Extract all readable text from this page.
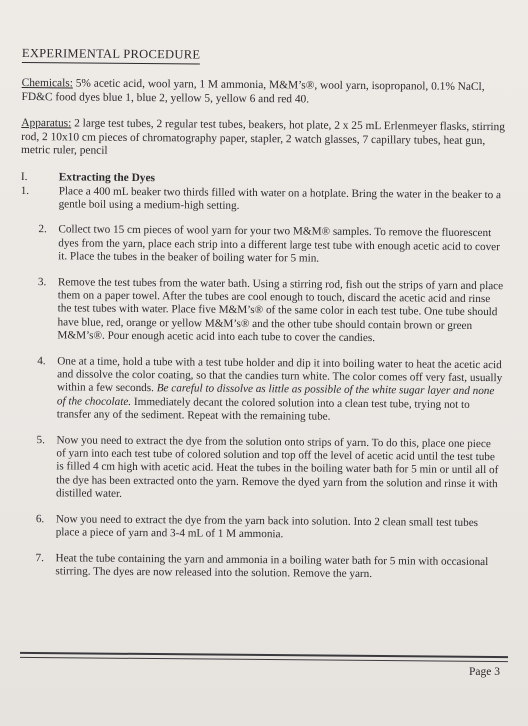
EXPERIMENTAL PROCEDURE

Chemicals: 5% acetic acid, wool yarn, 1 M ammonia, M&M’s®, wool yarn, isopropanol, 0.1% NaCl, FD&C food dyes blue 1, blue 2, yellow 5, yellow 6 and red 40.

Apparatus: 2 large test tubes, 2 regular test tubes, beakers, hot plate, 2 x 25 mL Erlenmeyer flasks, stirring rod, 2 10x10 cm pieces of chromatography paper, stapler, 2 watch glasses, 7 capillary tubes, heat gun, metric ruler, pencil

I.	Extracting the Dyes
1.	Place a 400 mL beaker two thirds filled with water on a hotplate. Bring the water in the beaker to a gentle boil using a medium-high setting.
2.	Collect two 15 cm pieces of wool yarn for your two M&M® samples. To remove the fluorescent dyes from the yarn, place each strip into a different large test tube with enough acetic acid to cover it. Place the tubes in the beaker of boiling water for 5 min.
3.	Remove the test tubes from the water bath. Using a stirring rod, fish out the strips of yarn and place them on a paper towel. After the tubes are cool enough to touch, discard the acetic acid and rinse the test tubes with water. Place five M&M’s® of the same color in each test tube. One tube should have blue, red, orange or yellow M&M’s® and the other tube should contain brown or green M&M’s®. Pour enough acetic acid into each tube to cover the candies.
4.	One at a time, hold a tube with a test tube holder and dip it into boiling water to heat the acetic acid and dissolve the color coating, so that the candies turn white. The color comes off very fast, usually within a few seconds. Be careful to dissolve as little as possible of the white sugar layer and none of the chocolate. Immediately decant the colored solution into a clean test tube, trying not to transfer any of the sediment. Repeat with the remaining tube.
5.	Now you need to extract the dye from the solution onto strips of yarn. To do this, place one piece of yarn into each test tube of colored solution and top off the level of acetic acid until the test tube is filled 4 cm high with acetic acid. Heat the tubes in the boiling water bath for 5 min or until all of the dye has been extracted onto the yarn. Remove the dyed yarn from the solution and rinse it with distilled water.
6.	Now you need to extract the dye from the yarn back into solution. Into 2 clean small test tubes place a piece of yarn and 3-4 mL of 1 M ammonia.
7.	Heat the tube containing the yarn and ammonia in a boiling water bath for 5 min with occasional stirring. The dyes are now released into the solution. Remove the yarn.
Page 3
